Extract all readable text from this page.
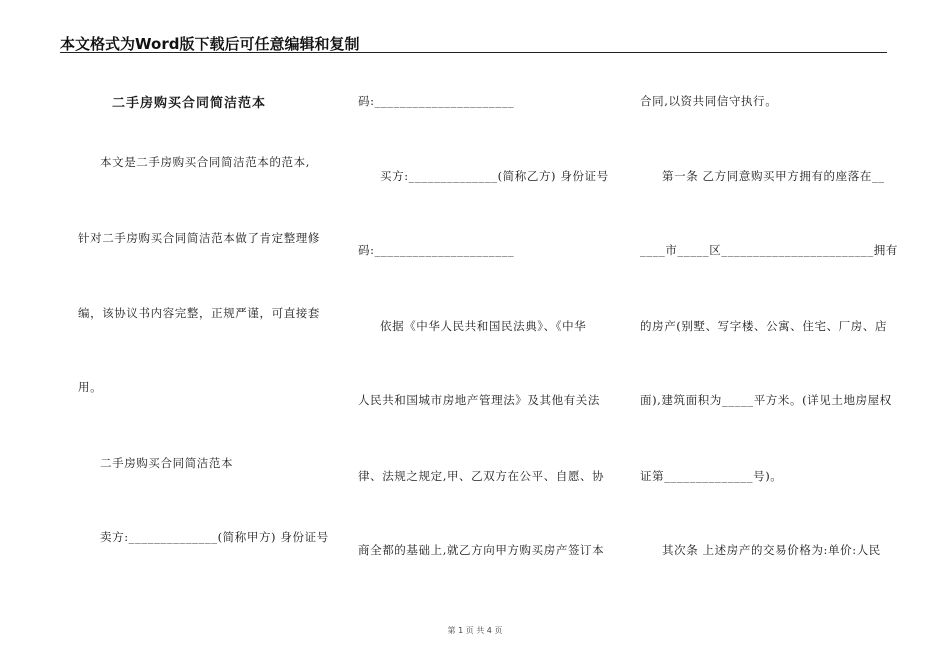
本文格式为Word版下载后可任意编辑和复制
二手房购买合同简洁范本
本文是二手房购买合同简洁范本的范本,
针对二手房购买合同简洁范本做了肯定整理修
编，该协议书内容完整，正规严谨，可直接套
用。
二手房购买合同简洁范本
卖方:______________(简称甲方) 身份证号
码:______________________
买方:______________(简称乙方) 身份证号
码:______________________
依据《中华人民共和国民法典》、《中华
人民共和国城市房地产管理法》及其他有关法
律、法规之规定,甲、乙双方在公平、自愿、协
商全都的基础上,就乙方向甲方购买房产签订本
合同,以资共同信守执行。
第一条 乙方同意购买甲方拥有的座落在__
____市_____区________________________拥有
的房产(别墅、写字楼、公寓、住宅、厂房、店
面),建筑面积为_____平方米。(详见土地房屋权
证第______________号)。
其次条 上述房产的交易价格为:单价:人民
第 1 页 共 4 页
